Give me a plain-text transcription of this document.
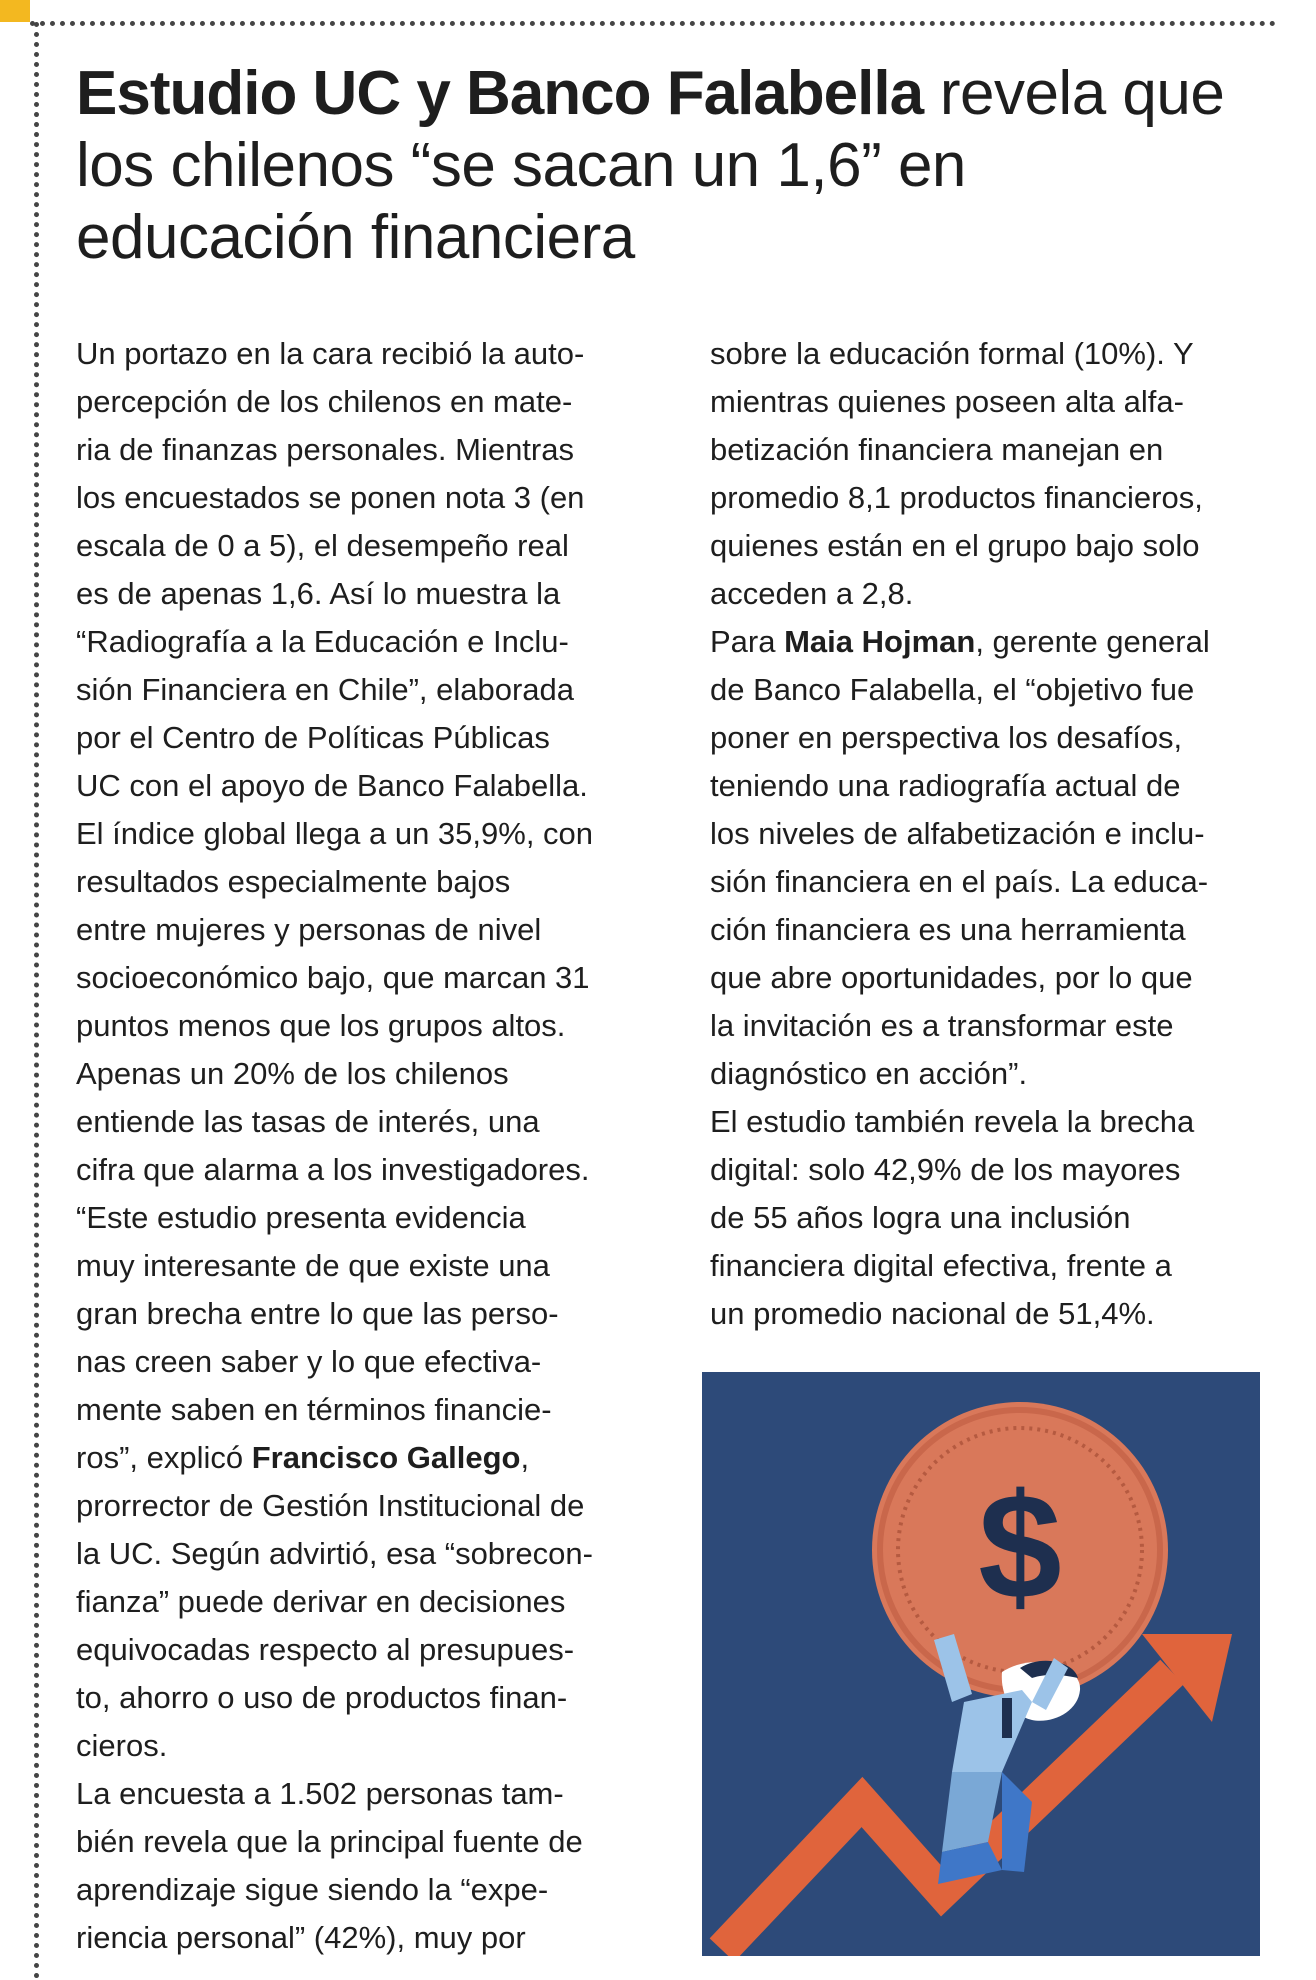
Estudio UC y Banco Falabella revela que los chilenos “se sacan un 1,6” en educación financiera

Un portazo en la cara recibió la auto-
percepción de los chilenos en mate-
ria de finanzas personales. Mientras
los encuestados se ponen nota 3 (en
escala de 0 a 5), el desempeño real
es de apenas 1,6. Así lo muestra la
“Radiografía a la Educación e Inclu-
sión Financiera en Chile”, elaborada
por el Centro de Políticas Públicas
UC con el apoyo de Banco Falabella.

El índice global llega a un 35,9%, con
resultados especialmente bajos
entre mujeres y personas de nivel
socioeconómico bajo, que marcan 31
puntos menos que los grupos altos.

Apenas un 20% de los chilenos
entiende las tasas de interés, una
cifra que alarma a los investigadores.

“Este estudio presenta evidencia
muy interesante de que existe una
gran brecha entre lo que las perso-
nas creen saber y lo que efectiva-
mente saben en términos financie-
ros”, explicó Francisco Gallego,
prorrector de Gestión Institucional de
la UC. Según advirtió, esa “sobrecon-
fianza” puede derivar en decisiones
equivocadas respecto al presupues-
to, ahorro o uso de productos finan-
cieros.

La encuesta a 1.502 personas tam-
bién revela que la principal fuente de
aprendizaje sigue siendo la “expe-
riencia personal” (42%), muy por

sobre la educación formal (10%). Y
mientras quienes poseen alta alfa-
betización financiera manejan en
promedio 8,1 productos financieros,
quienes están en el grupo bajo solo
acceden a 2,8.

Para Maia Hojman, gerente general
de Banco Falabella, el “objetivo fue
poner en perspectiva los desafíos,
teniendo una radiografía actual de
los niveles de alfabetización e inclu-
sión financiera en el país. La educa-
ción financiera es una herramienta
que abre oportunidades, por lo que
la invitación es a transformar este
diagnóstico en acción”.

El estudio también revela la brecha
digital: solo 42,9% de los mayores
de 55 años logra una inclusión
financiera digital efectiva, frente a
un promedio nacional de 51,4%.

$
